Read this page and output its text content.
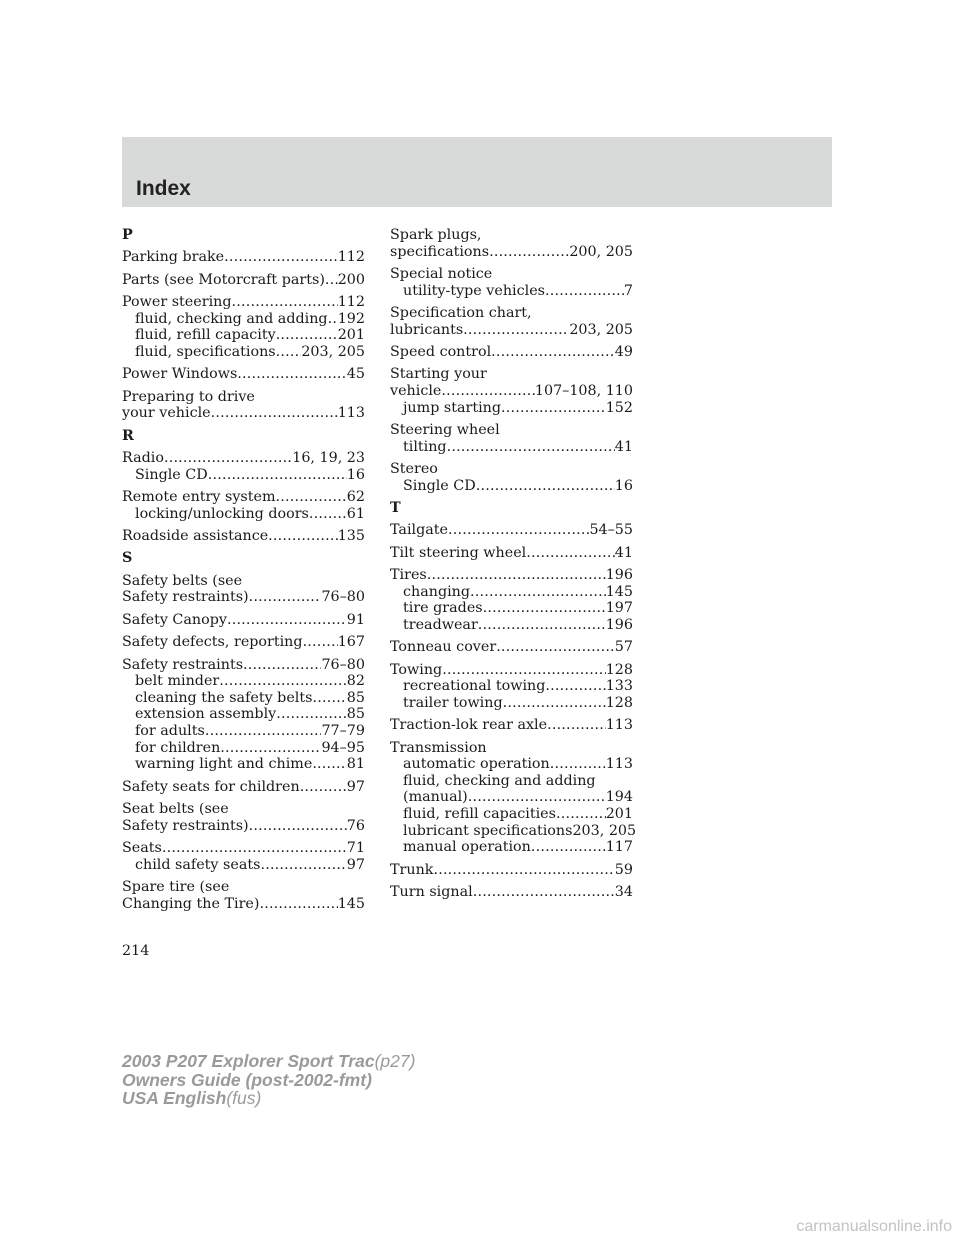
Index
P
Parking brake .....	112
Parts (see Motorcraft parts) ..... 200
Power steering .....	112
fluid, checking and adding ..... 192
fluid, refill capacity .....	201
fluid, specifications ..... 203, 205
Power Windows .....	45
Preparing to drive
your vehicle .....	113
R
Radio .....	16, 19, 23
Single CD .....	16
Remote entry system .....	62
locking/unlocking doors .....	61
Roadside assistance .....	135
S
Safety belts (see
Safety restraints) .....	76–80
Safety Canopy .....	91
Safety defects, reporting ..... 167
Safety restraints .....	76–80
belt minder .....	82
cleaning the safety belts ..... 85
extension assembly .....	85
for adults .....	77–79
for children .....	94–95
warning light and chime ..... 81
Safety seats for children .....	97
Seat belts (see
Safety restraints) .....	76
Seats .....	71
child safety seats .....	97
Spare tire (see
Changing the Tire) .....	145
Spark plugs,
specifications .....	200, 205
Special notice
utility-type vehicles .....	7
Specification chart,
lubricants .....	203, 205
Speed control .....	49
Starting your
vehicle .....	107–108, 110
jump starting .....	152
Steering wheel
tilting .....	41
Stereo
Single CD .....	16
T
Tailgate .....	54–55
Tilt steering wheel .....	41
Tires .....	196
changing .....	145
tire grades .....	197
treadwear .....	196
Tonneau cover .....	57
Towing .....	128
recreational towing .....	133
trailer towing .....	128
Traction-lok rear axle .....	113
Transmission
automatic operation .....	113
fluid, checking and adding
(manual) .....	194
fluid, refill capacities .....	201
lubricant specifications 203, 205
manual operation .....	117
Trunk .....	59
Turn signal .....	34
214
2003 P207 Explorer Sport Trac(p27)
Owners Guide (post-2002-fmt)
USA English(fus)
carmanualsonline.info
